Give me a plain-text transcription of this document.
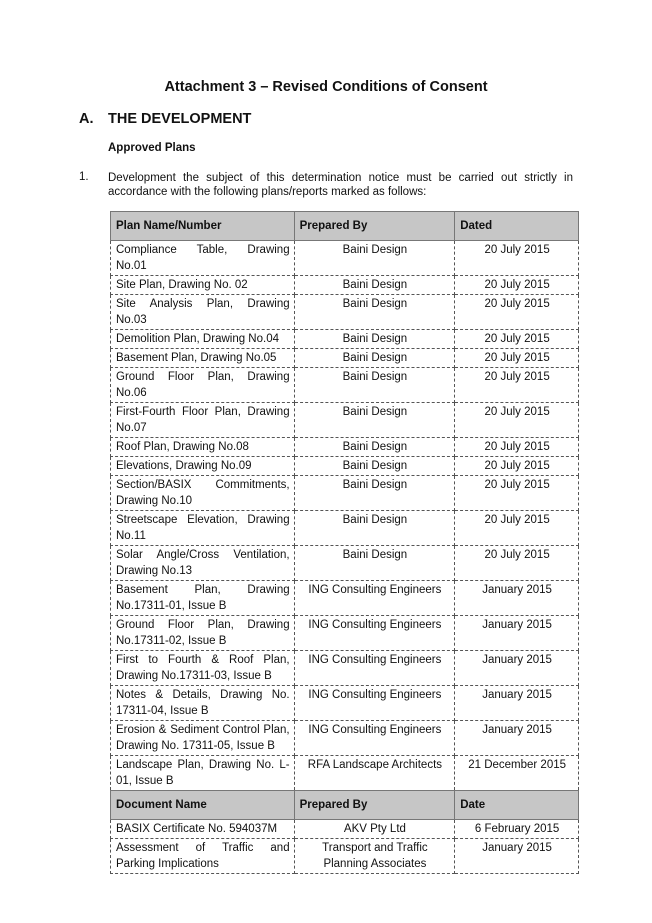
Attachment 3 – Revised Conditions of Consent
A. THE DEVELOPMENT
Approved Plans
1. Development the subject of this determination notice must be carried out strictly in accordance with the following plans/reports marked as follows:
Plan Name/Number	Prepared By	Dated
Compliance Table, Drawing No.01	Baini Design	20 July 2015
Site Plan, Drawing No. 02	Baini Design	20 July 2015
Site Analysis Plan, Drawing No.03	Baini Design	20 July 2015
Demolition Plan, Drawing No.04	Baini Design	20 July 2015
Basement Plan, Drawing No.05	Baini Design	20 July 2015
Ground Floor Plan, Drawing No.06	Baini Design	20 July 2015
First-Fourth Floor Plan, Drawing No.07	Baini Design	20 July 2015
Roof Plan, Drawing No.08	Baini Design	20 July 2015
Elevations, Drawing No.09	Baini Design	20 July 2015
Section/BASIX Commitments, Drawing No.10	Baini Design	20 July 2015
Streetscape Elevation, Drawing No.11	Baini Design	20 July 2015
Solar Angle/Cross Ventilation, Drawing No.13	Baini Design	20 July 2015
Basement Plan, Drawing No.17311-01, Issue B	ING Consulting Engineers	January 2015
Ground Floor Plan, Drawing No.17311-02, Issue B	ING Consulting Engineers	January 2015
First to Fourth & Roof Plan, Drawing No.17311-03, Issue B	ING Consulting Engineers	January 2015
Notes & Details, Drawing No. 17311-04, Issue B	ING Consulting Engineers	January 2015
Erosion & Sediment Control Plan, Drawing No. 17311-05, Issue B	ING Consulting Engineers	January 2015
Landscape Plan, Drawing No. L-01, Issue B	RFA Landscape Architects	21 December 2015
Document Name	Prepared By	Date
BASIX Certificate No. 594037M	AKV Pty Ltd	6 February 2015
Assessment of Traffic and Parking Implications	Transport and Traffic Planning Associates	January 2015
